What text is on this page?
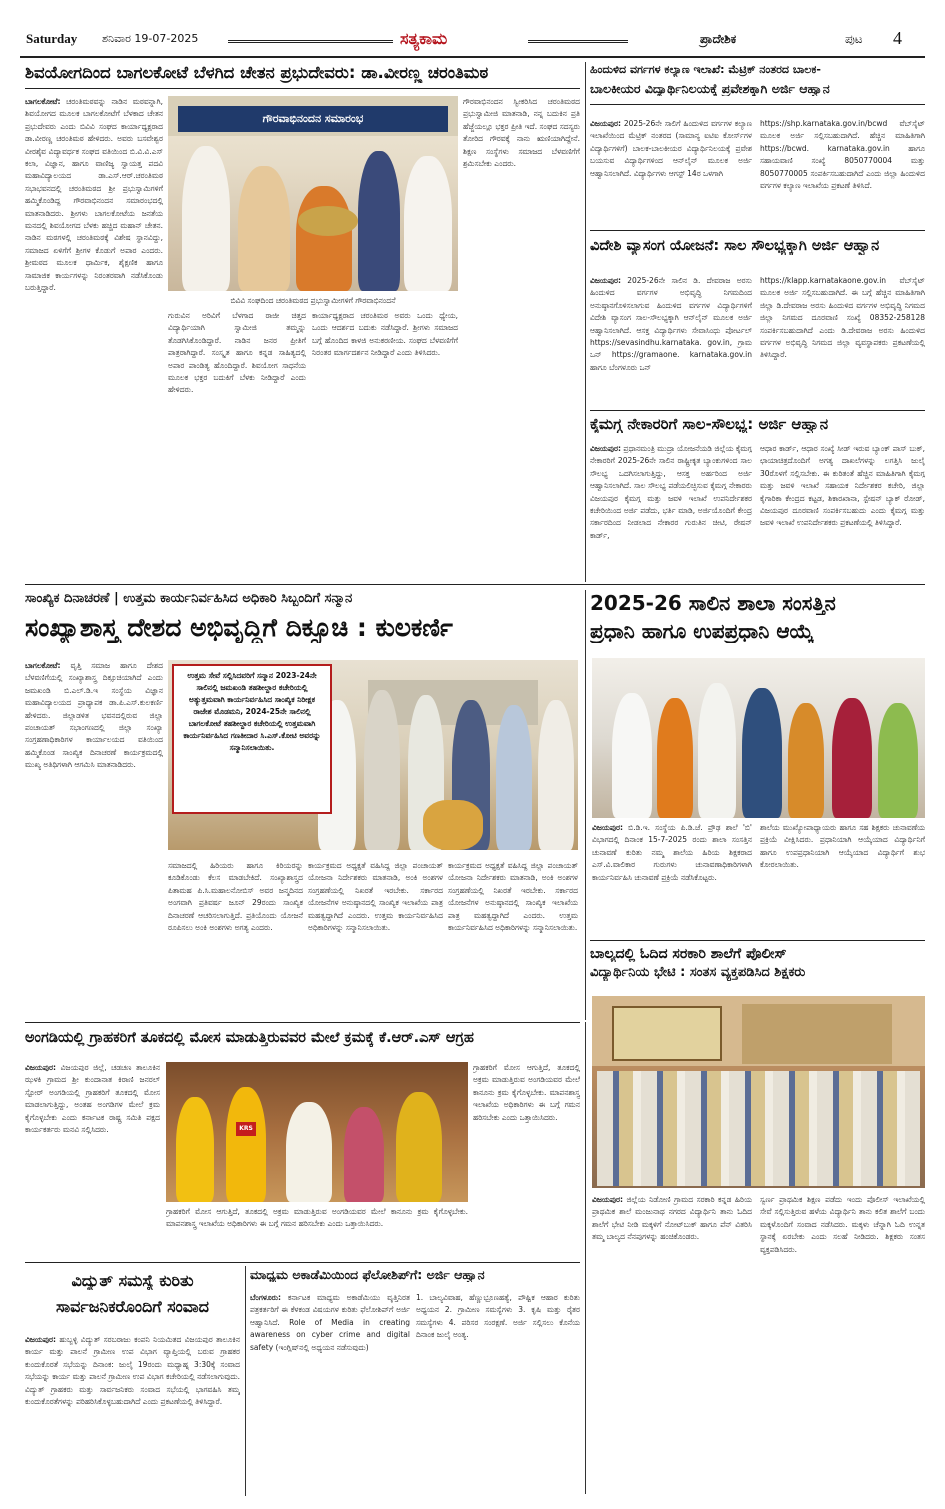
Saturday ಶನಿವಾರ 19-07-2025	ಸತ್ಯಕಾಮ	ಪ್ರಾದೇಶಿಕ	ಪುಟ 4
ಶಿವಯೋಗದಿಂದ ಬಾಗಲಕೋಟೆ ಬೆಳಗಿದ ಚೇತನ ಪ್ರಭುದೇವರು: ಡಾ.ವೀರಣ್ಣ ಚರಂತಿಮಠ
ಬಾಗಲಕೋಟೆ: ಚರಂತಿಮಠವನ್ನು ನಾಡಿನ ಮಠವನ್ನಾಗಿ, ಶಿವಯೋಗದ ಮೂಲಕ ಬಾಗಲಕೋಟೆಗೆ ಬೆಳಕಾದ ಚೇತನ ಪ್ರಭುದೇವರು ಎಂದು ಬಿವಿವಿ ಸಂಘದ ಕಾರ್ಯಾಧ್ಯಕ್ಷರಾದ ಡಾ.ವೀರಣ್ಣ ಚರಂತಿಮಠ ಹೇಳಿದರು. ಅವರು ಬಸವೇಶ್ವರ ವೀರಶೈವ ವಿದ್ಯಾವರ್ಧಕ ಸಂಘದ ವತಿಯಿಂದ ಬಿ.ವಿ.ವಿ.ಎಸ್ ಕಲಾ, ವಿಜ್ಞಾನ, ಹಾಗೂ ವಾಣಿಜ್ಯ ಸ್ವಾಯತ್ತ ಪದವಿ ಮಹಾವಿದ್ಯಾಲಯದ ಡಾ.ಎಸ್.ಆರ್.ಚರಂತಿಮಠ ಸಭಾಭವನದಲ್ಲಿ ಚರಂತಿಮಠದ ಶ್ರೀ ಪ್ರಭುಸ್ವಾಮಿಗಳಿಗೆ ಹಮ್ಮಿಕೊಂಡಿದ್ದ ಗೌರವಾಭಿನಂದನ ಸಮಾರಂಭದಲ್ಲಿ ಮಾತನಾಡಿದರು. ಶ್ರೀಗಳು ಬಾಗಲಕೋಟೆಯ ಜನತೆಯ ಮನದಲ್ಲಿ ಶಿವಯೋಗದ ಬೆಳಕು ಹಚ್ಚಿದ ಮಹಾನ್ ಚೇತನ. ನಾಡಿನ ಮಠಗಳಲ್ಲಿ ಚರಂತಿಮಠಕ್ಕೆ ವಿಶೇಷ ಸ್ಥಾನವಿದ್ದು, ಸಮಾಜದ ಏಳಿಗೆಗೆ ಶ್ರೀಗಳ ಕೊಡುಗೆ ಅಪಾರ ಎಂದರು. ಶ್ರೀಮಠದ ಮೂಲಕ ಧಾರ್ಮಿಕ, ಶೈಕ್ಷಣಿಕ ಹಾಗೂ ಸಾಮಾಜಿಕ ಕಾರ್ಯಗಳನ್ನು ನಿರಂತರವಾಗಿ ನಡೆಸಿಕೊಂಡು ಬರುತ್ತಿದ್ದಾರೆ.
ಗೌರವಾಭಿನಂದನ ಸಮಾರಂಭ
ಬಿವಿವಿ ಸಂಘದಿಂದ ಚರಂತಿಮಠದ ಪ್ರಭುಸ್ವಾಮೀಗಳಿಗೆ ಗೌರವಾಭಿನಂದನೆ
ಗುರುವಿನ ಅರಿವಿಗೆ ಬೆಳಗಾದ ರಾಜೀ ಚಿತ್ತದ ವಿದ್ಯಾರ್ಥಿಯಾಗಿ ಸ್ವಾಮೀಜಿ ತಮ್ಮನ್ನು ತೊಡಗಿಸಿಕೊಂಡಿದ್ದಾರೆ. ನಾಡಿನ ಜನರ ಪ್ರೀತಿಗೆ ಪಾತ್ರರಾಗಿದ್ದಾರೆ. ಸಂಸ್ಕೃತ ಹಾಗೂ ಕನ್ನಡ ಸಾಹಿತ್ಯದಲ್ಲಿ ಅಪಾರ ಪಾಂಡಿತ್ಯ ಹೊಂದಿದ್ದಾರೆ. ಶಿವಯೋಗ ಸಾಧನೆಯ ಮೂಲಕ ಭಕ್ತರ ಬದುಕಿಗೆ ಬೆಳಕು ನೀಡಿದ್ದಾರೆ ಎಂದು ಹೇಳಿದರು.
ಕಾರ್ಯಾಧ್ಯಕ್ಷರಾದ ಚರಂತಿಮಠ ಅವರು ಒಂದು ಧ್ಯೇಯ, ಒಂದು ಆದರ್ಶದ ಬದುಕು ನಡೆಸಿದ್ದಾರೆ. ಶ್ರೀಗಳು ಸಮಾಜದ ಬಗ್ಗೆ ಹೊಂದಿದ ಕಾಳಜಿ ಅನುಕರಣೀಯ. ಸಂಘದ ಬೆಳವಣಿಗೆಗೆ ನಿರಂತರ ಮಾರ್ಗದರ್ಶನ ನೀಡಿದ್ದಾರೆ ಎಂದು ತಿಳಿಸಿದರು.
ಗೌರವಾಭಿನಂದನ ಸ್ವೀಕರಿಸಿದ ಚರಂತಿಮಠದ ಪ್ರಭುಸ್ವಾಮೀಜಿ ಮಾತನಾಡಿ, ನನ್ನ ಬದುಕಿನ ಪ್ರತಿ ಹೆಜ್ಜೆಯಲ್ಲೂ ಭಕ್ತರ ಪ್ರೀತಿ ಇದೆ. ಸಂಘದ ಸದಸ್ಯರು ತೋರಿದ ಗೌರವಕ್ಕೆ ನಾನು ಋಣಿಯಾಗಿದ್ದೇನೆ. ಶಿಕ್ಷಣ ಸಂಸ್ಥೆಗಳು ಸಮಾಜದ ಬೆಳವಣಿಗೆಗೆ ಶ್ರಮಿಸಬೇಕು ಎಂದರು.
ಹಿಂದುಳಿದ ವರ್ಗಗಳ ಕಲ್ಯಾಣ ಇಲಾಖೆ: ಮೆಟ್ರಿಕ್ ನಂತರದ ಬಾಲಕ-
ಬಾಲಕೀಯರ ವಿದ್ಯಾರ್ಥಿನಿಲಯಕ್ಕೆ ಪ್ರವೇಶಕ್ಕಾಗಿ ಅರ್ಜಿ ಆಹ್ವಾನ
ವಿಜಯಪುರ: 2025-26ನೇ ಸಾಲಿಗೆ ಹಿಂದುಳಿದ ವರ್ಗಗಳ ಕಲ್ಯಾಣ ಇಲಾಖೆಯಿಂದ ಮೆಟ್ರಿಕ್ ನಂತರದ (ಸಾಮಾನ್ಯ ಐಟಿಐ ಕೋರ್ಸ್‌ಗಳ ವಿದ್ಯಾರ್ಥಿಗಳಿಗೆ) ಬಾಲಕ-ಬಾಲಕೀಯರ ವಿದ್ಯಾರ್ಥಿನಿಲಯಕ್ಕೆ ಪ್ರವೇಶ ಬಯಸುವ ವಿದ್ಯಾರ್ಥಿಗಳಿಂದ ಆನ್‌ಲೈನ್ ಮೂಲಕ ಅರ್ಜಿ ಆಹ್ವಾನಿಸಲಾಗಿದೆ. ವಿದ್ಯಾರ್ಥಿಗಳು ಆಗಸ್ಟ್ 14ರ ಒಳಗಾಗಿ
https://shp.karnataka.gov.in/bcwd ವೆಬ್‌ಸೈಟ್ ಮೂಲಕ ಅರ್ಜಿ ಸಲ್ಲಿಸಬಹುದಾಗಿದೆ. ಹೆಚ್ಚಿನ ಮಾಹಿತಿಗಾಗಿ https://bcwd. karnataka.gov.in ಹಾಗೂ ಸಹಾಯವಾಣಿ ಸಂಖ್ಯೆ 8050770004 ಮತ್ತು 8050770005 ಸಂಪರ್ಕಿಸಬಹುದಾಗಿದೆ ಎಂದು ಜಿಲ್ಲಾ ಹಿಂದುಳಿದ ವರ್ಗಗಳ ಕಲ್ಯಾಣ ಇಲಾಖೆಯ ಪ್ರಕಟಣೆ ತಿಳಿಸಿದೆ.
ವಿದೇಶಿ ವ್ಯಾಸಂಗ ಯೋಜನೆ: ಸಾಲ ಸೌಲಭ್ಯಕ್ಕಾಗಿ ಅರ್ಜಿ ಆಹ್ವಾನ
ವಿಜಯಪುರ: 2025-26ನೇ ಸಾಲಿನ ಡಿ. ದೇವರಾಜ ಅರಸು ಹಿಂದುಳಿದ ವರ್ಗಗಳ ಅಭಿವೃದ್ಧಿ ನಿಗಮದಿಂದ ಅನುಷ್ಠಾನಗೊಳಿಸಲಾಗುವ ಹಿಂದುಳಿದ ವರ್ಗಗಳ ವಿದ್ಯಾರ್ಥಿಗಳಿಗೆ ವಿದೇಶಿ ವ್ಯಾಸಂಗ ಸಾಲ-ಸೌಲಭ್ಯಕ್ಕಾಗಿ ಆನ್‌ಲೈನ್ ಮೂಲಕ ಅರ್ಜಿ ಆಹ್ವಾನಿಸಲಾಗಿದೆ. ಆಸಕ್ತ ವಿದ್ಯಾರ್ಥಿಗಳು ಸೇವಾಸಿಂಧು ಪೋರ್ಟಲ್ https://sevasindhu.karnataka. gov.in, ಗ್ರಾಮ ಒನ್ https://gramaone. karnataka.gov.in ಹಾಗೂ ಬೆಂಗಳೂರು ಒನ್
https://klapp.karnatakaone.gov.in ವೆಬ್‌ಸೈಟ್ ಮೂಲಕ ಅರ್ಜಿ ಸಲ್ಲಿಸಬಹುದಾಗಿದೆ. ಈ ಬಗ್ಗೆ ಹೆಚ್ಚಿನ ಮಾಹಿತಿಗಾಗಿ ಜಿಲ್ಲಾ ಡಿ.ದೇವರಾಜ ಅರಸು ಹಿಂದುಳಿದ ವರ್ಗಗಳ ಅಭಿವೃದ್ಧಿ ನಿಗಮದ ಜಿಲ್ಲಾ ನಿಗಮದ ದೂರವಾಣಿ ಸಂಖ್ಯೆ 08352-258128 ಸಂಪರ್ಕಿಸಬಹುದಾಗಿದೆ ಎಂದು ಡಿ.ದೇವರಾಜ ಅರಸು ಹಿಂದುಳಿದ ವರ್ಗಗಳ ಅಭಿವೃದ್ಧಿ ನಿಗಮದ ಜಿಲ್ಲಾ ವ್ಯವಸ್ಥಾಪಕರು ಪ್ರಕಟಣೆಯಲ್ಲಿ ತಿಳಿಸಿದ್ದಾರೆ.
ಕೈಮಗ್ಗ ನೇಕಾರರಿಗೆ ಸಾಲ-ಸೌಲಭ್ಯ: ಅರ್ಜಿ ಆಹ್ವಾನ
ವಿಜಯಪುರ: ಪ್ರಧಾನಮಂತ್ರಿ ಮುದ್ರಾ ಯೋಜನೆಯಡಿ ಜಿಲ್ಲೆಯ ಕೈಮಗ್ಗ ನೇಕಾರರಿಗೆ 2025-26ನೇ ಸಾಲಿನ ರಾಷ್ಟ್ರೀಕೃತ ಬ್ಯಾಂಕುಗಳಿಂದ ಸಾಲ ಸೌಲಭ್ಯ ಒದಗಿಸಲಾಗುತ್ತಿದ್ದು, ಆಸಕ್ತ ಅರ್ಹರಿಂದ ಅರ್ಜಿ ಆಹ್ವಾನಿಸಲಾಗಿದೆ. ಸಾಲ ಸೌಲಭ್ಯ ಪಡೆಯಲಿಚ್ಛಿಸುವ ಕೈಮಗ್ಗ ನೇಕಾರರು ವಿಜಯಪುರ ಕೈಮಗ್ಗ ಮತ್ತು ಜವಳಿ ಇಲಾಖೆ ಉಪನಿರ್ದೇಶಕರ ಕಚೇರಿಯಿಂದ ಅರ್ಜಿ ಪಡೆದು, ಭರ್ತಿ ಮಾಡಿ, ಅರ್ಜಿಯೊಂದಿಗೆ ಕೇಂದ್ರ ಸರ್ಕಾರದಿಂದ ನೀಡಲಾದ ನೇಕಾರರ ಗುರುತಿನ ಚೀಟಿ, ರೇಷನ್ ಕಾರ್ಡ್,
ಆಧಾರ ಕಾರ್ಡ್, ಆಧಾರ ಸಂಖ್ಯೆ ಸೀಡ್ ಇರುವ ಬ್ಯಾಂಕ್ ಪಾಸ್ ಬುಕ್, ಛಾಯಾಚಿತ್ರದೊಂದಿಗೆ ಅಗತ್ಯ ದಾಖಲೆಗಳನ್ನು ಲಗತ್ತಿಸಿ ಜುಲೈ 30ರೊಳಗೆ ಸಲ್ಲಿಸಬೇಕು. ಈ ಕುರಿತಂತೆ ಹೆಚ್ಚಿನ ಮಾಹಿತಿಗಾಗಿ ಕೈಮಗ್ಗ ಮತ್ತು ಜವಳಿ ಇಲಾಖೆ ಸಹಾಯಕ ನಿರ್ದೇಶಕರ ಕಚೇರಿ, ಜಿಲ್ಲಾ ಕೈಗಾರಿಕಾ ಕೇಂದ್ರದ ಕಟ್ಟಡ, ಶಿಕಾರಖಾನಾ, ಸ್ಟೇಷನ್ ಬ್ಯಾಕ್ ರೋಡ್, ವಿಜಯಪುರ ದೂರವಾಣಿ ಸಂಪರ್ಕಿಸಬಹುದು ಎಂದು ಕೈಮಗ್ಗ ಮತ್ತು ಜವಳಿ ಇಲಾಖೆ ಉಪನಿರ್ದೇಶಕರು ಪ್ರಕಟಣೆಯಲ್ಲಿ ತಿಳಿಸಿದ್ದಾರೆ.
ಸಾಂಖ್ಯಿಕ ದಿನಾಚರಣೆ | ಉತ್ತಮ ಕಾರ್ಯನಿರ್ವಹಿಸಿದ ಅಧಿಕಾರಿ ಸಿಬ್ಬಂದಿಗೆ ಸನ್ಮಾನ
ಸಂಖ್ಯಾಶಾಸ್ತ್ರ ದೇಶದ ಅಭಿವೃದ್ದಿಗೆ ದಿಕ್ಸೂಚಿ : ಕುಲಕರ್ಣಿ
ಬಾಗಲಕೋಟೆ: ವೃತ್ತಿ ಸಮಾಜ ಹಾಗೂ ದೇಶದ ಬೆಳವಣಿಗೆಯಲ್ಲಿ ಸಂಖ್ಯಾಶಾಸ್ತ್ರ ದಿಕ್ಸೂಚಿಯಾಗಿದೆ ಎಂದು ಜಮಖಂಡಿ ಬಿ.ಎಲ್.ಡಿ.ಇ ಸಂಸ್ಥೆಯ ವಿಜ್ಞಾನ ಮಹಾವಿದ್ಯಾಲಯದ ಪ್ರಾಧ್ಯಾಪಕ ಡಾ.ಪಿ.ಎಸ್.ಕುಲಕರ್ಣಿ ಹೇಳಿದರು. ಜಿಲ್ಲಾಡಳಿತ ಭವನದಲ್ಲಿರುವ ಜಿಲ್ಲಾ ಪಂಚಾಯತ್ ಸಭಾಂಗಣದಲ್ಲಿ ಜಿಲ್ಲಾ ಸಂಖ್ಯಾ ಸಂಗ್ರಹಣಾಧಿಕಾರಿಗಳ ಕಾರ್ಯಾಲಯದ ವತಿಯಿಂದ ಹಮ್ಮಿಕೊಂಡ ಸಾಂಖ್ಯಿಕ ದಿನಾಚರಣೆ ಕಾರ್ಯಕ್ರಮದಲ್ಲಿ ಮುಖ್ಯ ಅತಿಥಿಗಳಾಗಿ ಆಗಮಿಸಿ ಮಾತನಾಡಿದರು.
ಉತ್ತಮ ಸೇವೆ ಸಲ್ಲಿಸಿದವರಿಗೆ ಸನ್ಮಾನ 2023-24ನೇ ಸಾಲಿನಲ್ಲಿ ಜಮಖಂಡಿ ತಹಶೀಲ್ದಾರ ಕಚೇರಿಯಲ್ಲಿ ಅತ್ಯುತ್ತಮವಾಗಿ ಕಾರ್ಯನಿರ್ವಹಿಸಿದ ಸಾಂಖ್ಯಿಕ ನಿರೀಕ್ಷಕ ರಾಜೇಶ ಮೊಡಮನಿ, 2024-25ನೇ ಸಾಲಿನಲ್ಲಿ ಬಾಗಲಕೋಟೆ ತಹಶೀಲ್ದಾರ ಕಚೇರಿಯಲ್ಲಿ ಉತ್ತಮವಾಗಿ ಕಾರ್ಯನಿರ್ವಹಿಸಿದ ಗಣತೀದಾರ ಸಿ.ಎಸ್.ಕೋಟಿ ಅವರನ್ನು ಸನ್ಮಾನಿಸಲಾಯಿತು.
ಸಮಾಜದಲ್ಲಿ ಹಿರಿಯರು ಹಾಗೂ ಕಿರಿಯರನ್ನು ಕೂಡಿಕೊಂಡು ಕೆಲಸ ಮಾಡಬೇಕಿದೆ. ಸಂಖ್ಯಾಶಾಸ್ತ್ರದ ಪಿತಾಮಹ ಪಿ.ಸಿ.ಮಹಾಲನೋಬಿಸ್ ಅವರ ಜನ್ಮದಿನದ ಅಂಗವಾಗಿ ಪ್ರತಿವರ್ಷ ಜೂನ್ 29ರಂದು ಸಾಂಖ್ಯಿಕ ದಿನಾಚರಣೆ ಆಚರಿಸಲಾಗುತ್ತಿದೆ. ಪ್ರತಿಯೊಂದು ಯೋಜನೆ ರೂಪಿಸಲು ಅಂಕಿ ಅಂಶಗಳು ಅಗತ್ಯ ಎಂದರು.
ಕಾರ್ಯಕ್ರಮದ ಅಧ್ಯಕ್ಷತೆ ವಹಿಸಿದ್ದ ಜಿಲ್ಲಾ ಪಂಚಾಯತ್ ಯೋಜನಾ ನಿರ್ದೇಶಕರು ಮಾತನಾಡಿ, ಅಂಕಿ ಅಂಶಗಳ ಸಂಗ್ರಹಣೆಯಲ್ಲಿ ನಿಖರತೆ ಇರಬೇಕು. ಸರ್ಕಾರದ ಯೋಜನೆಗಳ ಅನುಷ್ಠಾನದಲ್ಲಿ ಸಾಂಖ್ಯಿಕ ಇಲಾಖೆಯ ಪಾತ್ರ ಮಹತ್ವದ್ದಾಗಿದೆ ಎಂದರು. ಉತ್ತಮ ಕಾರ್ಯನಿರ್ವಹಿಸಿದ ಅಧಿಕಾರಿಗಳನ್ನು ಸನ್ಮಾನಿಸಲಾಯಿತು.
ಕಾರ್ಯಕ್ರಮದ ಅಧ್ಯಕ್ಷತೆ ವಹಿಸಿದ್ದ ಜಿಲ್ಲಾ ಪಂಚಾಯತ್ ಯೋಜನಾ ನಿರ್ದೇಶಕರು ಮಾತನಾಡಿ, ಅಂಕಿ ಅಂಶಗಳ ಸಂಗ್ರಹಣೆಯಲ್ಲಿ ನಿಖರತೆ ಇರಬೇಕು. ಸರ್ಕಾರದ ಯೋಜನೆಗಳ ಅನುಷ್ಠಾನದಲ್ಲಿ ಸಾಂಖ್ಯಿಕ ಇಲಾಖೆಯ ಪಾತ್ರ ಮಹತ್ವದ್ದಾಗಿದೆ ಎಂದರು. ಉತ್ತಮ ಕಾರ್ಯನಿರ್ವಹಿಸಿದ ಅಧಿಕಾರಿಗಳನ್ನು ಸನ್ಮಾನಿಸಲಾಯಿತು.
2025-26 ಸಾಲಿನ ಶಾಲಾ ಸಂಸತ್ತಿನ
ಪ್ರಧಾನಿ ಹಾಗೂ ಉಪಪ್ರಧಾನಿ ಆಯ್ಕೆ
ವಿಜಯಪುರ: ಬಿ.ಡಿ.ಇ. ಸಂಸ್ಥೆಯ ಪಿ.ಡಿ.ಜೆ. ಪ್ರೌಢ ಶಾಲೆ 'ಬಿ' ವಿಭಾಗದಲ್ಲಿ ದಿನಾಂಕ 15-7-2025 ರಂದು ಶಾಲಾ ಸಂಸತ್ತಿನ ಚುನಾವಣೆ ಕುರಿತು ನಮ್ಮ ಶಾಲೆಯ ಹಿರಿಯ ಶಿಕ್ಷಕರಾದ ಎಸ್.ವಿ.ವಾಲಿಕಾರ ಗುರುಗಳು ಚುನಾವಣಾಧಿಕಾರಿಗಳಾಗಿ ಕಾರ್ಯನಿರ್ವಹಿಸಿ ಚುನಾವಣೆ ಪ್ರಕ್ರಿಯೆ ನಡೆಸಿಕೊಟ್ಟರು.
ಶಾಲೆಯ ಮುಖ್ಯೋಪಾಧ್ಯಾಯರು ಹಾಗೂ ಸಹ ಶಿಕ್ಷಕರು ಚುನಾವಣೆಯ ಪ್ರಕ್ರಿಯೆ ವೀಕ್ಷಿಸಿದರು. ಪ್ರಧಾನಿಯಾಗಿ ಆಯ್ಕೆಯಾದ ವಿದ್ಯಾರ್ಥಿನಿಗೆ ಹಾಗೂ ಉಪಪ್ರಧಾನಿಯಾಗಿ ಆಯ್ಕೆಯಾದ ವಿದ್ಯಾರ್ಥಿಗೆ ಶುಭ ಕೋರಲಾಯಿತು.
ಬಾಲ್ಯದಲ್ಲಿ ಓದಿದ ಸರಕಾರಿ ಶಾಲೆಗೆ ಪೊಲೀಸ್
ವಿದ್ಯಾರ್ಥಿನಿಯ ಭೇಟಿ : ಸಂತಸ ವ್ಯಕ್ತಪಡಿಸಿದ ಶಿಕ್ಷಕರು
ವಿಜಯಪುರ: ಜಿಲ್ಲೆಯ ನಿಡೋಣಿ ಗ್ರಾಮದ ಸರಕಾರಿ ಕನ್ನಡ ಹಿರಿಯ ಪ್ರಾಥಮಿಕ ಶಾಲೆ ಮಂಜುನಾಥ ನಗರದ ವಿದ್ಯಾರ್ಥಿನಿ ತಾನು ಓದಿದ ಶಾಲೆಗೆ ಭೇಟಿ ನೀಡಿ ಮಕ್ಕಳಿಗೆ ನೋಟ್‌ಬುಕ್ ಹಾಗೂ ಪೆನ್ ವಿತರಿಸಿ ತಮ್ಮ ಬಾಲ್ಯದ ನೆನಪುಗಳನ್ನು ಹಂಚಿಕೊಂಡರು.
ಸ್ವರ್ಣ ಪ್ರಾಥಮಿಕ ಶಿಕ್ಷಣ ಪಡೆದು ಇಂದು ಪೊಲೀಸ್ ಇಲಾಖೆಯಲ್ಲಿ ಸೇವೆ ಸಲ್ಲಿಸುತ್ತಿರುವ ಹಳೆಯ ವಿದ್ಯಾರ್ಥಿನಿ ತಾನು ಕಲಿತ ಶಾಲೆಗೆ ಬಂದು ಮಕ್ಕಳೊಂದಿಗೆ ಸಂವಾದ ನಡೆಸಿದರು. ಮಕ್ಕಳು ಚೆನ್ನಾಗಿ ಓದಿ ಉನ್ನತ ಸ್ಥಾನಕ್ಕೆ ಏರಬೇಕು ಎಂದು ಸಲಹೆ ನೀಡಿದರು. ಶಿಕ್ಷಕರು ಸಂತಸ ವ್ಯಕ್ತಪಡಿಸಿದರು.
ಅಂಗಡಿಯಲ್ಲಿ ಗ್ರಾಹಕರಿಗೆ ತೂಕದಲ್ಲಿ ಮೋಸ ಮಾಡುತ್ತಿರುವವರ ಮೇಲೆ ಕ್ರಮಕ್ಕೆ ಕೆ.ಆರ್.ಎಸ್ ಆಗ್ರಹ
ವಿಜಯಪುರ: ವಿಜಯಪುರ ಜಿಲ್ಲೆ, ಚಡಚಣ ತಾಲೂಕಿನ ಝಳಕಿ ಗ್ರಾಮದ ಶ್ರೀ ಕುಂದಾನಾತ ಕಿರಾಣಿ ಜನರಲ್ ಸ್ಟೋರ್ ಅಂಗಡಿಯಲ್ಲಿ ಗ್ರಾಹಕರಿಗೆ ತೂಕದಲ್ಲಿ ಮೋಸ ಮಾಡಲಾಗುತ್ತಿದ್ದು, ಅಂತಹ ಅಂಗಡಿಗಳ ಮೇಲೆ ಕ್ರಮ ಕೈಗೊಳ್ಳಬೇಕು ಎಂದು ಕರ್ನಾಟಕ ರಾಷ್ಟ್ರ ಸಮಿತಿ ಪಕ್ಷದ ಕಾರ್ಯಕರ್ತರು ಮನವಿ ಸಲ್ಲಿಸಿದರು.	KRS
ಗ್ರಾಹಕರಿಗೆ ಮೋಸ ಆಗುತ್ತಿದೆ, ತೂಕದಲ್ಲಿ ಅಕ್ರಮ ಮಾಡುತ್ತಿರುವ ಅಂಗಡಿಯವರ ಮೇಲೆ ಕಾನೂನು ಕ್ರಮ ಕೈಗೊಳ್ಳಬೇಕು. ಮಾಪನಶಾಸ್ತ್ರ ಇಲಾಖೆಯ ಅಧಿಕಾರಿಗಳು ಈ ಬಗ್ಗೆ ಗಮನ ಹರಿಸಬೇಕು ಎಂದು ಒತ್ತಾಯಿಸಿದರು.
ಗ್ರಾಹಕರಿಗೆ ಮೋಸ ಆಗುತ್ತಿದೆ, ತೂಕದಲ್ಲಿ ಅಕ್ರಮ ಮಾಡುತ್ತಿರುವ ಅಂಗಡಿಯವರ ಮೇಲೆ ಕಾನೂನು ಕ್ರಮ ಕೈಗೊಳ್ಳಬೇಕು. ಮಾಪನಶಾಸ್ತ್ರ ಇಲಾಖೆಯ ಅಧಿಕಾರಿಗಳು ಈ ಬಗ್ಗೆ ಗಮನ ಹರಿಸಬೇಕು ಎಂದು ಒತ್ತಾಯಿಸಿದರು.
ವಿದ್ಯುತ್ ಸಮಸ್ಯೆ ಕುರಿತು
ಸಾರ್ವಜನಿಕರೊಂದಿಗೆ ಸಂವಾದ
ವಿಜಯಪುರ: ಹುಬ್ಬಳ್ಳಿ ವಿದ್ಯುತ್ ಸರಬರಾಜು ಕಂಪನಿ ನಿಯಮಿತದ ವಿಜಯಪುರ ತಾಲೂಕಿನ ಕಾರ್ಯ ಮತ್ತು ಪಾಲನೆ ಗ್ರಾಮೀಣ ಉಪ ವಿಭಾಗ ವ್ಯಾಪ್ತಿಯಲ್ಲಿ ಬರುವ ಗ್ರಾಹಕರ ಕುಂದುಕೊರತೆ ಸಭೆಯನ್ನು ದಿನಾಂಕ: ಜುಲೈ 19ರಂದು ಮಧ್ಯಾಹ್ನ 3:30ಕ್ಕೆ ಸಂವಾದ ಸಭೆಯನ್ನು ಕಾರ್ಯ ಮತ್ತು ಪಾಲನೆ ಗ್ರಾಮೀಣ ಉಪ ವಿಭಾಗ ಕಚೇರಿಯಲ್ಲಿ ನಡೆಸಲಾಗುವುದು. ವಿದ್ಯುತ್ ಗ್ರಾಹಕರು ಮತ್ತು ಸಾರ್ವಜನಿಕರು ಸಂವಾದ ಸಭೆಯಲ್ಲಿ ಭಾಗವಹಿಸಿ ತಮ್ಮ ಕುಂದುಕೊರತೆಗಳನ್ನು ಪರಿಹರಿಸಿಕೊಳ್ಳಬಹುದಾಗಿದೆ ಎಂದು ಪ್ರಕಟಣೆಯಲ್ಲಿ ತಿಳಿಸಿದ್ದಾರೆ.
ಮಾಧ್ಯಮ ಅಕಾಡೆಮಿಯಿಂದ ಫೆಲೋಶಿಪ್‌ಗೆ: ಅರ್ಜಿ ಆಹ್ವಾನ
ಬೆಂಗಳೂರು: ಕರ್ನಾಟಕ ಮಾಧ್ಯಮ ಅಕಾಡೆಮಿಯು ವೃತ್ತಿನಿರತ ಪತ್ರಕರ್ತರಿಗೆ ಈ ಕೆಳಕಂಡ ವಿಷಯಗಳ ಕುರಿತು ಫೆಲೋಶಿಪ್‌ಗೆ ಅರ್ಜಿ ಆಹ್ವಾನಿಸಿದೆ. Role of Media in creating awareness on cyber crime and digital safety (ಇಂಗ್ಲಿಷ್‌ನಲ್ಲಿ ಅಧ್ಯಯನ ನಡೆಸುವುದು)
1. ಬಾಲ್ಯವಿವಾಹ, ಹೆಣ್ಣುಭ್ರೂಣಹತ್ಯೆ, ಪೌಷ್ಟಿಕ ಆಹಾರ ಕುರಿತು ಅಧ್ಯಯನ 2. ಗ್ರಾಮೀಣ ಸಮಸ್ಯೆಗಳು 3. ಕೃಷಿ ಮತ್ತು ರೈತರ ಸಮಸ್ಯೆಗಳು 4. ಪರಿಸರ ಸಂರಕ್ಷಣೆ. ಅರ್ಜಿ ಸಲ್ಲಿಸಲು ಕೊನೆಯ ದಿನಾಂಕ ಜುಲೈ ಅಂತ್ಯ.
